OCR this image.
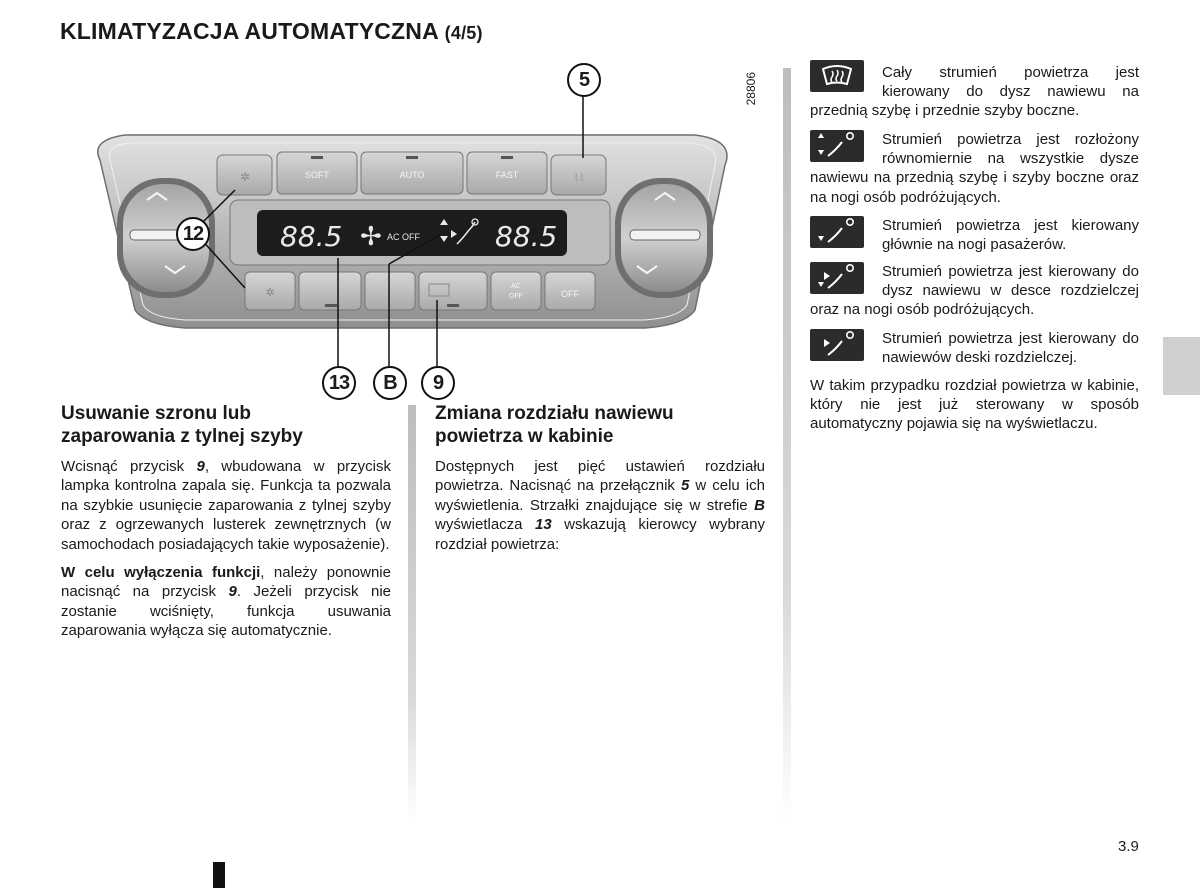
KLIMATYZACJA AUTOMATYCZNA (4/5)
28806
✲	SOFT	AUTO	FAST	⌇⌇
88.5 ✢ AC OFF	88.5
✲	AC
OFF	OFF
5
12
13	B	9
Usuwanie szronu lub
zaparowania z tylnej szyby

Wcisnąć przycisk 9, wbudowana w przycisk lampka kontrolna zapala się. Funkcja ta pozwala na szybkie usunięcie zaparowania z tylnej szyby oraz z ogrzewanych lusterek zewnętrznych (w samochodach posiadających takie wyposażenie).

W celu wyłączenia funkcji, należy ponownie nacisnąć na przycisk 9. Jeżeli przycisk nie zostanie wciśnięty, funkcja usuwania zaparowania wyłącza się automatycznie.

Zmiana rozdziału nawiewu
powietrza w kabinie

Dostępnych jest pięć ustawień rozdziału powietrza. Nacisnąć na przełącznik 5 w celu ich wyświetlenia. Strzałki znajdujące się w strefie B wyświetlacza 13 wskazują kierowcy wybrany rozdział powietrza:

Cały strumień powietrza jest kierowany do dysz nawiewu na przednią szybę i przednie szyby boczne.
Strumień powietrza jest rozłożony równomiernie na wszystkie dysze nawiewu na przednią szybę i szyby boczne oraz na nogi osób podróżujących.
Strumień powietrza jest kierowany głównie na nogi pasażerów.
Strumień powietrza jest kierowany do dysz nawiewu w desce rozdzielczej oraz na nogi osób podróżujących.
Strumień powietrza jest kierowany do nawiewów deski rozdzielczej.
W takim przypadku rozdział powietrza w kabinie, który nie jest już sterowany w sposób automatyczny pojawia się na wyświetlaczu.
3.9
